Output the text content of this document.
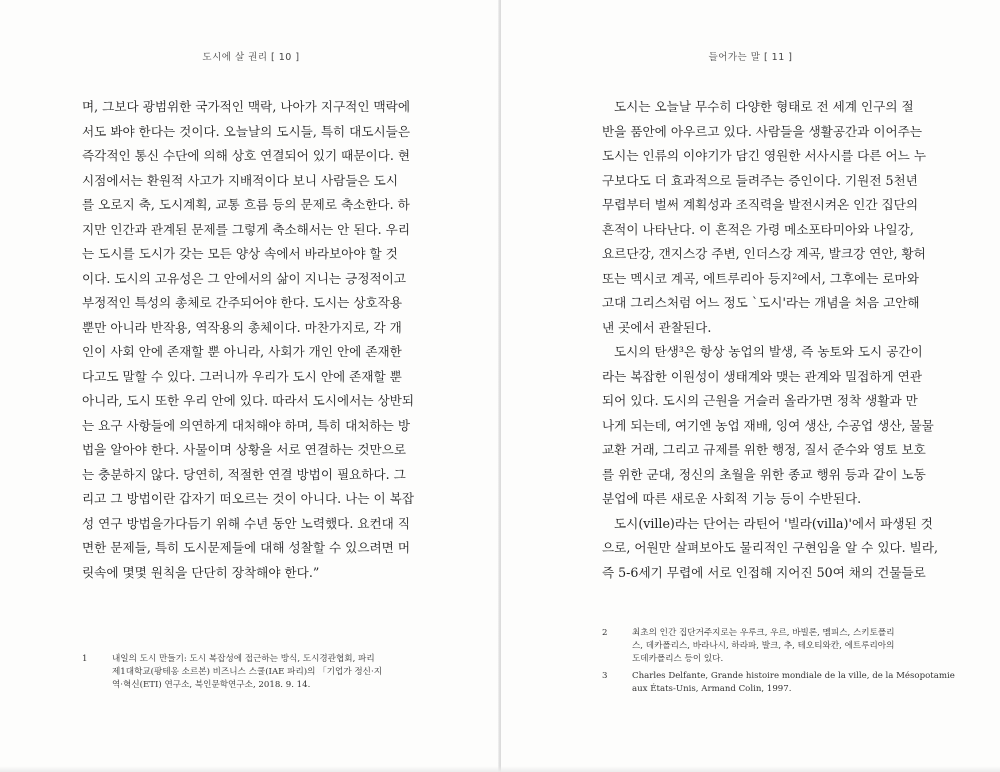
도시에 살 권리 [ 10 ]
며, 그보다 광범위한 국가적인 맥락, 나아가 지구적인 맥락에
서도 봐야 한다는 것이다. 오늘날의 도시들, 특히 대도시들은
즉각적인 통신 수단에 의해 상호 연결되어 있기 때문이다. 현
시점에서는 환원적 사고가 지배적이다 보니 사람들은 도시
를 오로지 축, 도시계획, 교통 흐름 등의 문제로 축소한다. 하
지만 인간과 관계된 문제를 그렇게 축소해서는 안 된다. 우리
는 도시를 도시가 갖는 모든 양상 속에서 바라보아야 할 것
이다. 도시의 고유성은 그 안에서의 삶이 지니는 긍정적이고
부정적인 특성의 총체로 간주되어야 한다. 도시는 상호작용
뿐만 아니라 반작용, 역작용의 총체이다. 마찬가지로, 각 개
인이 사회 안에 존재할 뿐 아니라, 사회가 개인 안에 존재한
다고도 말할 수 있다. 그러니까 우리가 도시 안에 존재할 뿐
아니라, 도시 또한 우리 안에 있다. 따라서 도시에서는 상반되
는 요구 사항들에 의연하게 대처해야 하며, 특히 대처하는 방
법을 알아야 한다. 사물이며 상황을 서로 연결하는 것만으로
는 충분하지 않다. 당연히, 적절한 연결 방법이 필요하다. 그
리고 그 방법이란 갑자기 떠오르는 것이 아니다. 나는 이 복잡
성 연구 방법을가다듬기 위해 수년 동안 노력했다. 요컨대 직
면한 문제들, 특히 도시문제들에 대해 성찰할 수 있으려면 머
릿속에 몇몇 원칙을 단단히 장착해야 한다.”
1	내일의 도시 만들기: 도시 복잡성에 접근하는 방식, 도시경관협회, 파리
제1대학교(팡테옹 소르본) 비즈니스 스쿨(IAE 파리)의 「기업가 정신·지
역·혁신(ETI) 연구소, 북인문학연구소, 2018. 9. 14.
들어가는 말 [ 11 ]
도시는 오늘날 무수히 다양한 형태로 전 세계 인구의 절
반을 품안에 아우르고 있다. 사람들을 생활공간과 이어주는
도시는 인류의 이야기가 담긴 영원한 서사시를 다른 어느 누
구보다도 더 효과적으로 들려주는 증인이다. 기원전 5천년
무렵부터 벌써 계획성과 조직력을 발전시켜온 인간 집단의
흔적이 나타난다. 이 흔적은 가령 메소포타미아와 나일강,
요르단강, 갠지스강 주변, 인더스강 계곡, 발크강 연안, 황허
또는 멕시코 계곡, 에트루리아 등지²에서, 그후에는 로마와
고대 그리스처럼 어느 정도 `도시'라는 개념을 처음 고안해
낸 곳에서 관찰된다.
도시의 탄생³은 항상 농업의 발생, 즉 농토와 도시 공간이
라는 복잡한 이원성이 생태계와 맺는 관계와 밀접하게 연관
되어 있다. 도시의 근원을 거슬러 올라가면 정착 생활과 만
나게 되는데, 여기엔 농업 재배, 잉여 생산, 수공업 생산, 물물
교환 거래, 그리고 규제를 위한 행정, 질서 준수와 영토 보호
를 위한 군대, 정신의 초월을 위한 종교 행위 등과 같이 노동
분업에 따른 새로운 사회적 기능 등이 수반된다.
도시(ville)라는 단어는 라틴어 '빌라(villa)'에서 파생된 것
으로, 어원만 살펴보아도 물리적인 구현임을 알 수 있다. 빌라,
즉 5-6세기 무렵에 서로 인접해 지어진 50여 채의 건물들로
2	최초의 인간 집단거주지로는 우루크, 우르, 바빌론, 멤피스, 스키토폴리
스, 데카폴리스, 바라나시, 하라파, 발크, 추, 테오티와칸, 에트루리아의
도데카폴리스 등이 있다.
3	Charles Delfante, Grande histoire mondiale de la ville, de la Mésopotamie
aux États-Unis, Armand Colin, 1997.
